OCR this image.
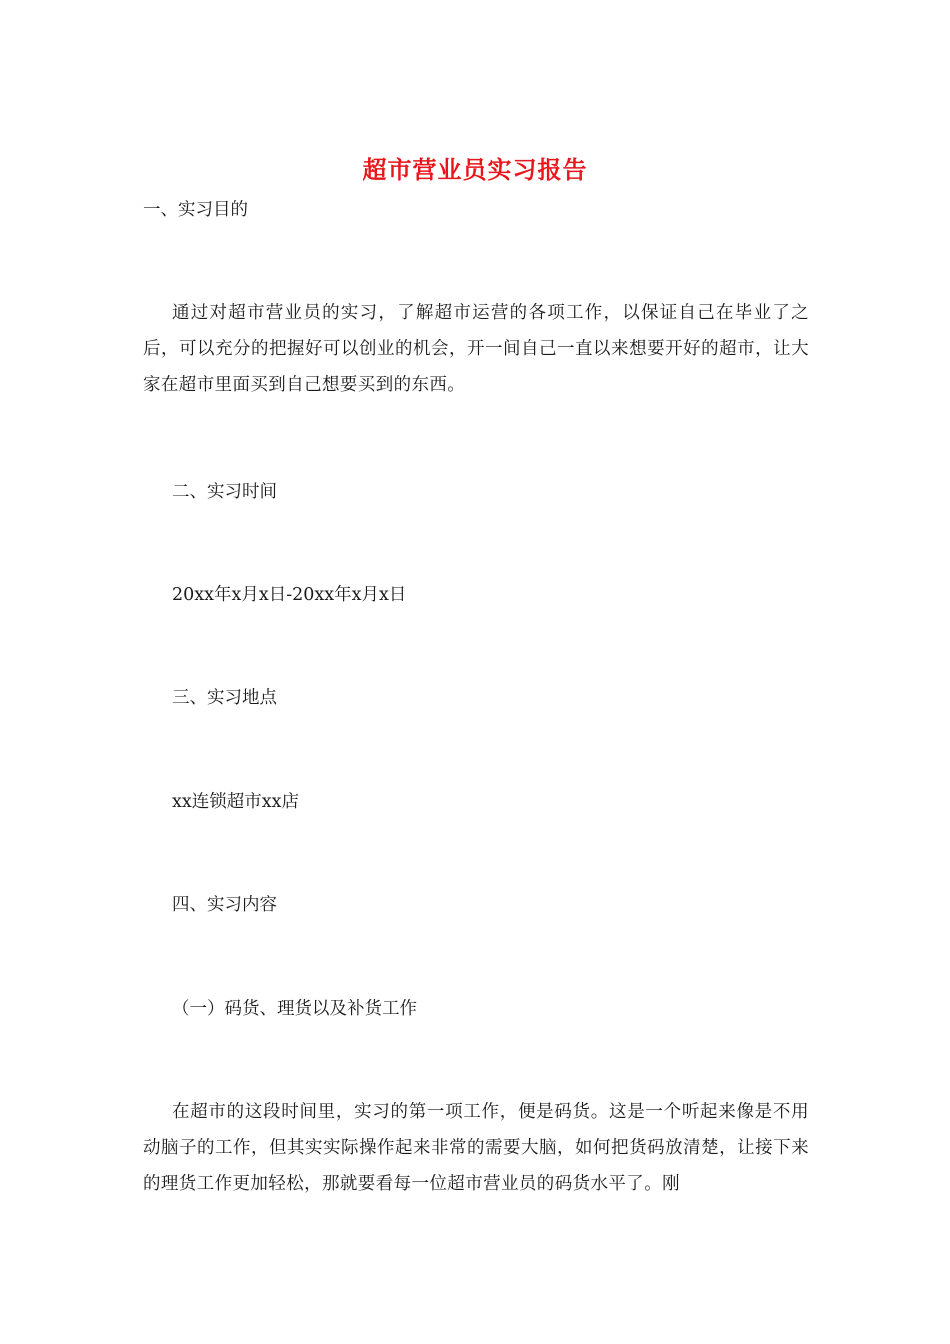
超市营业员实习报告
一、实习目的
通过对超市营业员的实习，了解超市运营的各项工作，以保证自己在毕业了之后，可以充分的把握好可以创业的机会，开一间自己一直以来想要开好的超市，让大家在超市里面买到自己想要买到的东西。
二、实习时间
20xx年x月x日-20xx年x月x日
三、实习地点
xx连锁超市xx店
四、实习内容
（一）码货、理货以及补货工作
在超市的这段时间里，实习的第一项工作，便是码货。这是一个听起来像是不用动脑子的工作，但其实实际操作起来非常的需要大脑，如何把货码放清楚，让接下来的理货工作更加轻松，那就要看每一位超市营业员的码货水平了。刚
